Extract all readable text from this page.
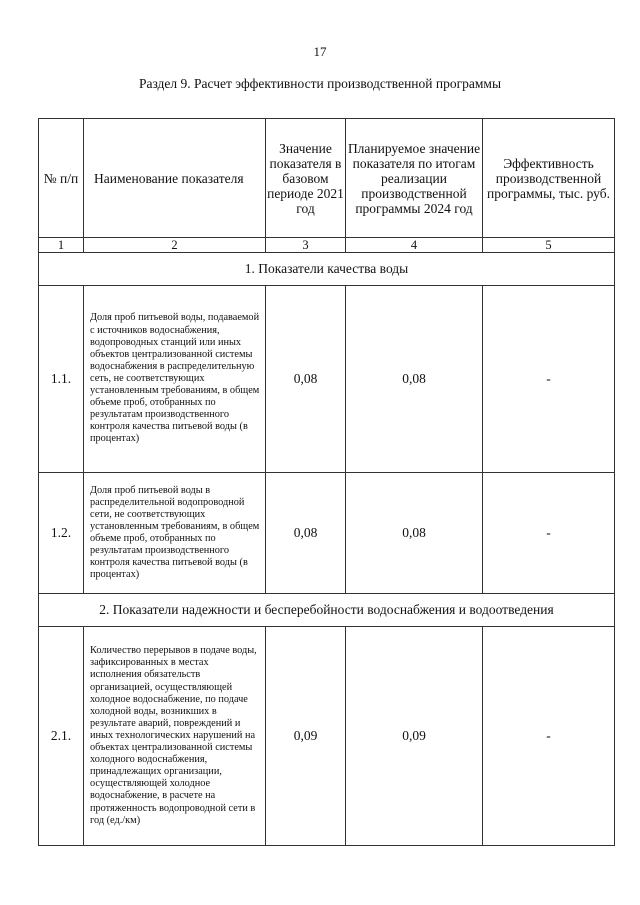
17
Раздел 9. Расчет эффективности производственной программы
№ п/п	Наименование показателя	Значение показателя в базовом периоде 2021 год	Планируемое значение показателя по итогам реализации производственной программы 2024 год	Эффективность производственной программы, тыс. руб.
1	2	3	4	5
1. Показатели качества воды				
1.1.	Доля проб питьевой воды, подаваемой с источников водоснабжения, водопроводных станций или иных объектов централизованной системы водоснабжения в распределительную сеть, не соответствующих установленным требованиям, в общем объеме проб, отобранных по результатам производственного контроля качества питьевой воды (в процентах)	0,08	0,08	-
1.2.	Доля проб питьевой воды в распределительной водопроводной сети, не соответствующих установленным требованиям, в общем объеме проб, отобранных по результатам производственного контроля качества питьевой воды (в процентах)	0,08	0,08	-
2. Показатели надежности и бесперебойности водоснабжения и водоотведения				
2.1.	Количество перерывов в подаче воды, зафиксированных в местах исполнения обязательств организацией, осуществляющей холодное водоснабжение, по подаче холодной воды, возникших в результате аварий, повреждений и иных технологических нарушений на объектах централизованной системы холодного водоснабжения, принадлежащих организации, осуществляющей холодное водоснабжение, в расчете на протяженность водопроводной сети в год (ед./км)	0,09	0,09	-
